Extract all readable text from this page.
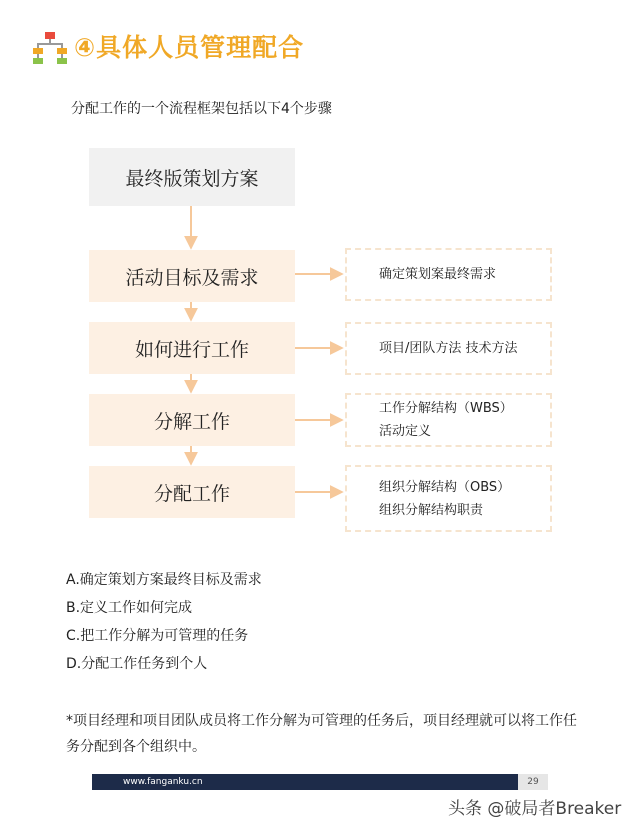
④具体人员管理配合
分配工作的一个流程框架包括以下4个步骤
最终版策划方案
活动目标及需求
如何进行工作
分解工作
分配工作
确定策划案最终需求
项目/团队方法 技术方法
工作分解结构（WBS）
活动定义
组织分解结构（OBS）
组织分解结构职责
A.确定策划方案最终目标及需求
B.定义工作如何完成
C.把工作分解为可管理的任务
D.分配工作任务到个人
*项目经理和项目团队成员将工作分解为可管理的任务后，项目经理就可以将工作任务分配到各个组织中。
www.fanganku.cn	29
头条 @破局者Breaker
